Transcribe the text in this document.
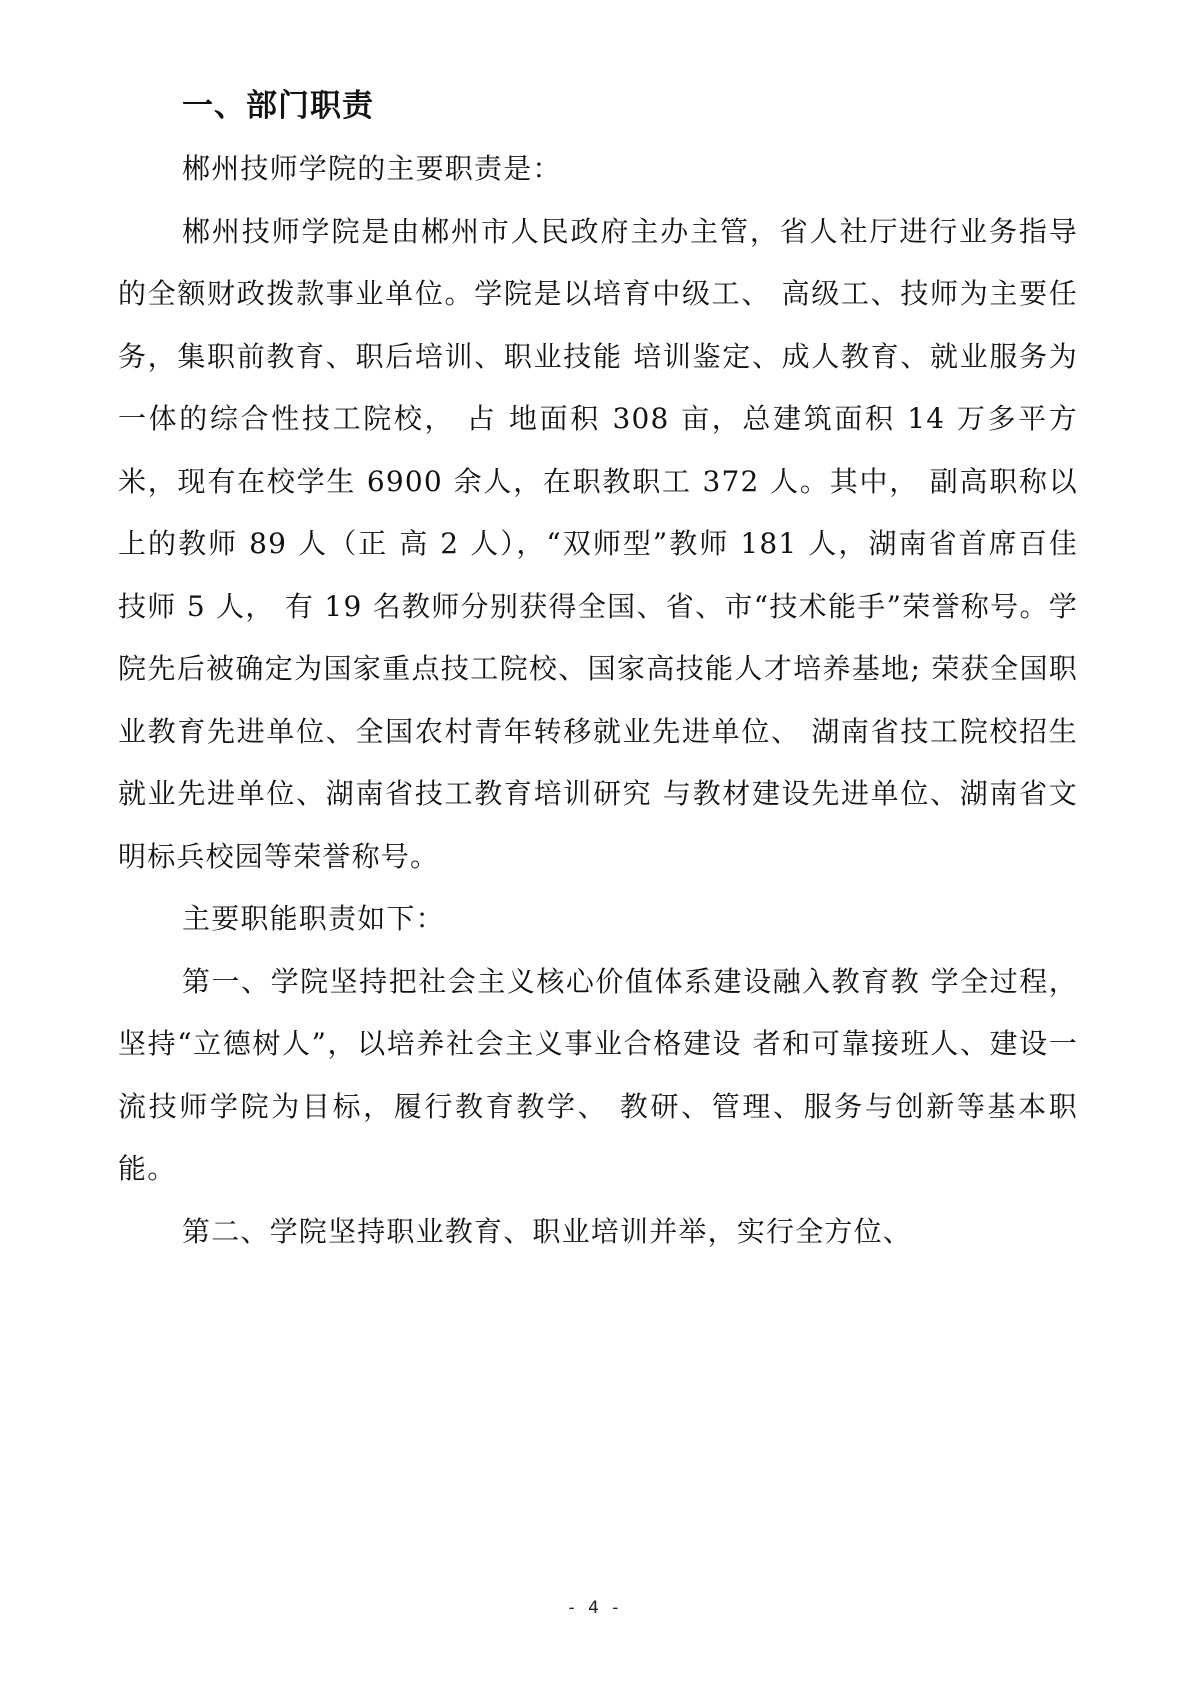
一、部门职责

郴州技师学院的主要职责是：

郴州技师学院是由郴州市人民政府主办主管，省人社厅进行业务指导的全额财政拨款事业单位。学院是以培育中级工、 高级工、技师为主要任务，集职前教育、职后培训、职业技能 培训鉴定、成人教育、就业服务为一体的综合性技工院校， 占 地面积 308 亩，总建筑面积 14 万多平方米，现有在校学生 6900 余人，在职教职工 372 人。其中， 副高职称以上的教师 89 人（正 高 2 人），“双师型”教师 181 人，湖南省首席百佳技师 5 人， 有 19 名教师分别获得全国、省、市“技术能手”荣誉称号。学 院先后被确定为国家重点技工院校、国家高技能人才培养基地; 荣获全国职业教育先进单位、全国农村青年转移就业先进单位、 湖南省技工院校招生就业先进单位、湖南省技工教育培训研究 与教材建设先进单位、湖南省文明标兵校园等荣誉称号。

主要职能职责如下：

第一、学院坚持把社会主义核心价值体系建设融入教育教 学全过程，坚持“立德树人”，以培养社会主义事业合格建设 者和可靠接班人、建设一流技师学院为目标，履行教育教学、 教研、管理、服务与创新等基本职能。

第二、学院坚持职业教育、职业培训并举，实行全方位、

- 4 -
